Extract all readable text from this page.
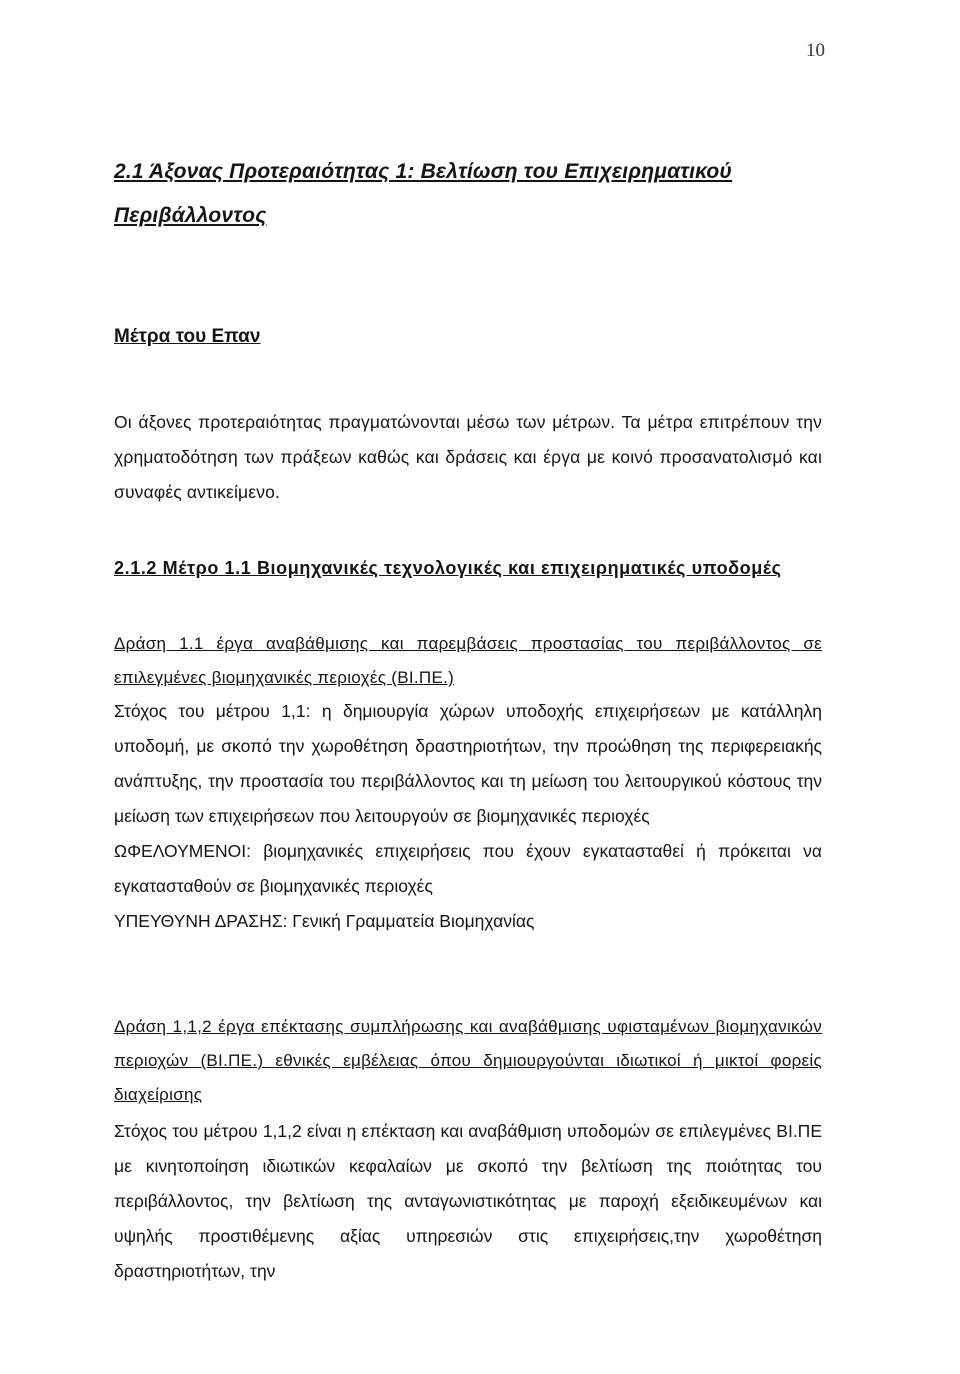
10
2.1 Άξονας Προτεραιότητας 1: Βελτίωση του Επιχειρηματικού Περιβάλλοντος
Μέτρα του Επαν
Οι άξονες προτεραιότητας πραγματώνονται μέσω των μέτρων. Τα μέτρα επιτρέπουν την χρηματοδότηση των πράξεων καθώς και δράσεις και έργα με κοινό προσανατολισμό και συναφές αντικείμενο.
2.1.2 Μέτρο 1.1 Βιομηχανικές τεχνολογικές και επιχειρηματικές υποδομές
Δράση 1.1 έργα αναβάθμισης και παρεμβάσεις προστασίας του περιβάλλοντος σε επιλεγμένες βιομηχανικές περιοχές (ΒΙ.ΠΕ.)
Στόχος του μέτρου 1,1: η δημιουργία χώρων υποδοχής επιχειρήσεων με κατάλληλη υποδομή, με σκοπό την χωροθέτηση δραστηριοτήτων, την προώθηση της περιφερειακής ανάπτυξης, την προστασία του περιβάλλοντος και τη μείωση του λειτουργικού κόστους την μείωση των επιχειρήσεων που λειτουργούν σε βιομηχανικές περιοχές
ΩΦΕΛΟΥΜΕΝΟΙ: βιομηχανικές επιχειρήσεις που έχουν εγκατασταθεί ή πρόκειται να εγκατασταθούν σε βιομηχανικές περιοχές
ΥΠΕΥΘΥΝΗ ΔΡΑΣΗΣ: Γενική Γραμματεία Βιομηχανίας
Δράση 1,1,2 έργα επέκτασης συμπλήρωσης και αναβάθμισης υφισταμένων βιομηχανικών περιοχών (ΒΙ.ΠΕ.) εθνικές εμβέλειας όπου δημιουργούνται ιδιωτικοί ή μικτοί φορείς διαχείρισης
Στόχος του μέτρου 1,1,2 είναι η επέκταση και αναβάθμιση υποδομών σε επιλεγμένες ΒΙ.ΠΕ με κινητοποίηση ιδιωτικών κεφαλαίων με σκοπό την βελτίωση της ποιότητας του περιβάλλοντος, την βελτίωση της ανταγωνιστικότητας με παροχή εξειδικευμένων και υψηλής προστιθέμενης αξίας υπηρεσιών στις επιχειρήσεις,την χωροθέτηση δραστηριοτήτων, την
